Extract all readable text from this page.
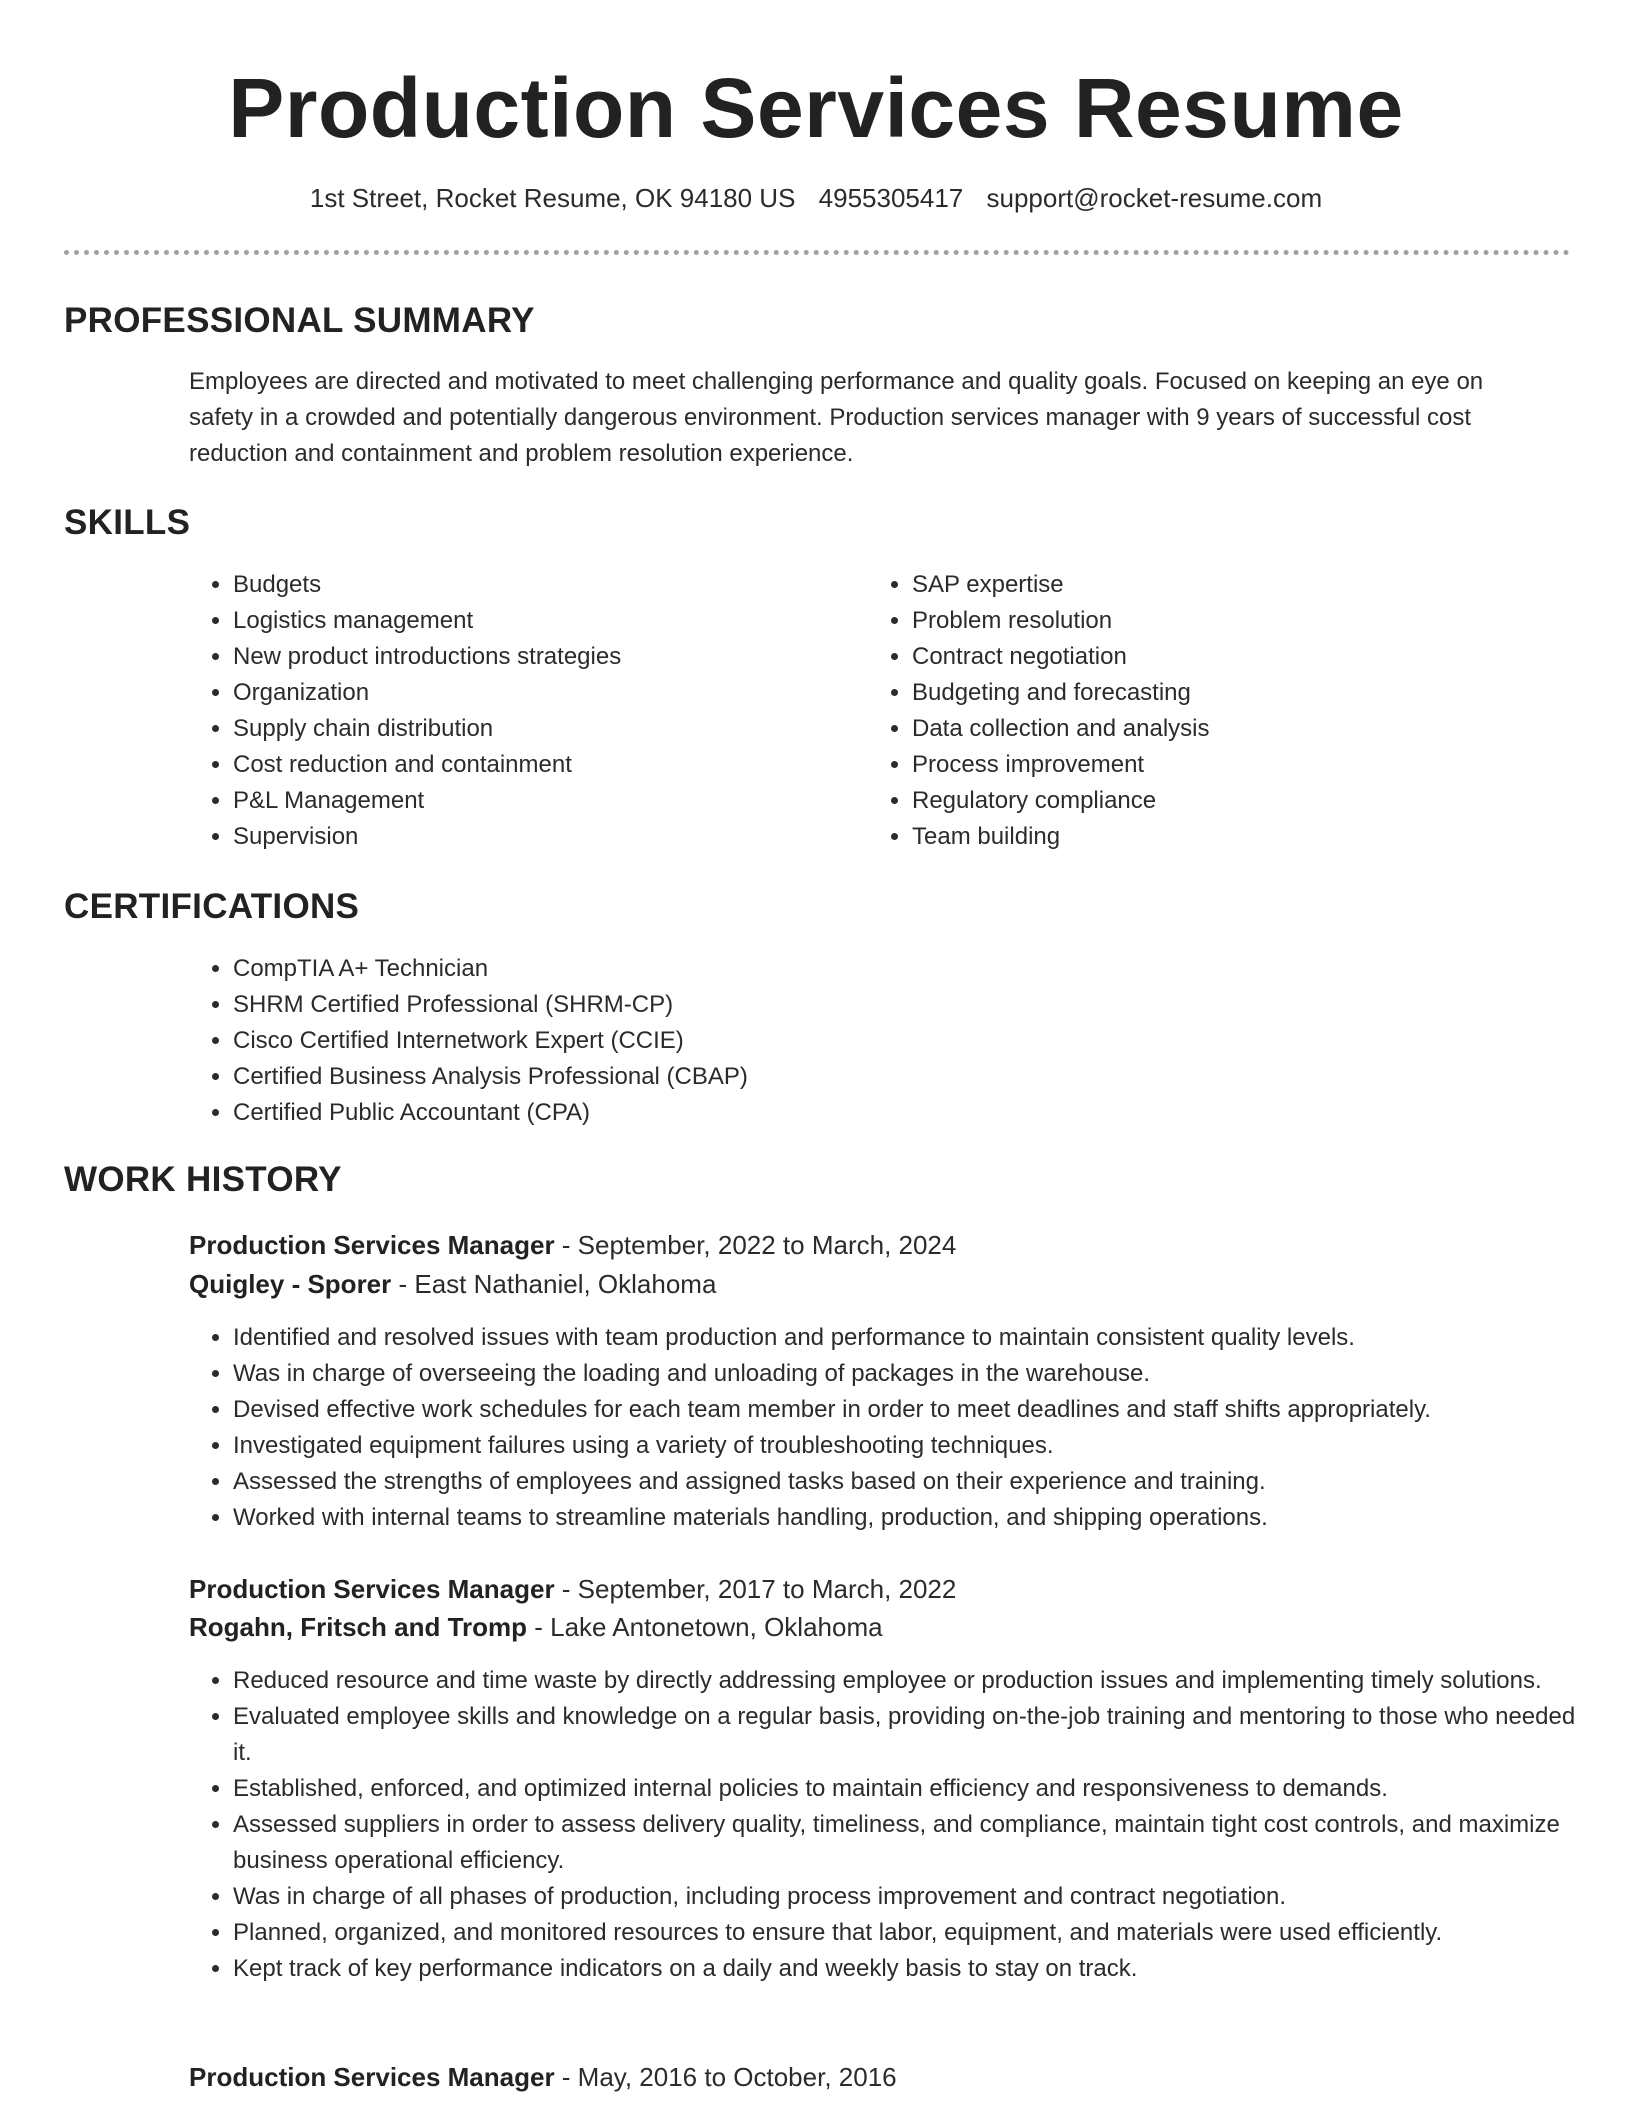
Production Services Resume
1st Street, Rocket Resume, OK 94180 US 4955305417 support@rocket-resume.com
PROFESSIONAL SUMMARY
Employees are directed and motivated to meet challenging performance and quality goals. Focused on keeping an eye on safety in a crowded and potentially dangerous environment. Production services manager with 9 years of successful cost reduction and containment and problem resolution experience.
SKILLS
• Budgets
• Logistics management
• New product introductions strategies
• Organization
• Supply chain distribution
• Cost reduction and containment
• P&L Management
• Supervision
• SAP expertise
• Problem resolution
• Contract negotiation
• Budgeting and forecasting
• Data collection and analysis
• Process improvement
• Regulatory compliance
• Team building
CERTIFICATIONS
• CompTIA A+ Technician
• SHRM Certified Professional (SHRM-CP)
• Cisco Certified Internetwork Expert (CCIE)
• Certified Business Analysis Professional (CBAP)
• Certified Public Accountant (CPA)
WORK HISTORY
Production Services Manager - September, 2022 to March, 2024
Quigley - Sporer - East Nathaniel, Oklahoma
• Identified and resolved issues with team production and performance to maintain consistent quality levels.
• Was in charge of overseeing the loading and unloading of packages in the warehouse.
• Devised effective work schedules for each team member in order to meet deadlines and staff shifts appropriately.
• Investigated equipment failures using a variety of troubleshooting techniques.
• Assessed the strengths of employees and assigned tasks based on their experience and training.
• Worked with internal teams to streamline materials handling, production, and shipping operations.
Production Services Manager - September, 2017 to March, 2022
Rogahn, Fritsch and Tromp - Lake Antonetown, Oklahoma
• Reduced resource and time waste by directly addressing employee or production issues and implementing timely solutions.
• Evaluated employee skills and knowledge on a regular basis, providing on-the-job training and mentoring to those who needed it.
• Established, enforced, and optimized internal policies to maintain efficiency and responsiveness to demands.
• Assessed suppliers in order to assess delivery quality, timeliness, and compliance, maintain tight cost controls, and maximize business operational efficiency.
• Was in charge of all phases of production, including process improvement and contract negotiation.
• Planned, organized, and monitored resources to ensure that labor, equipment, and materials were used efficiently.
• Kept track of key performance indicators on a daily and weekly basis to stay on track.
Production Services Manager - May, 2016 to October, 2016
